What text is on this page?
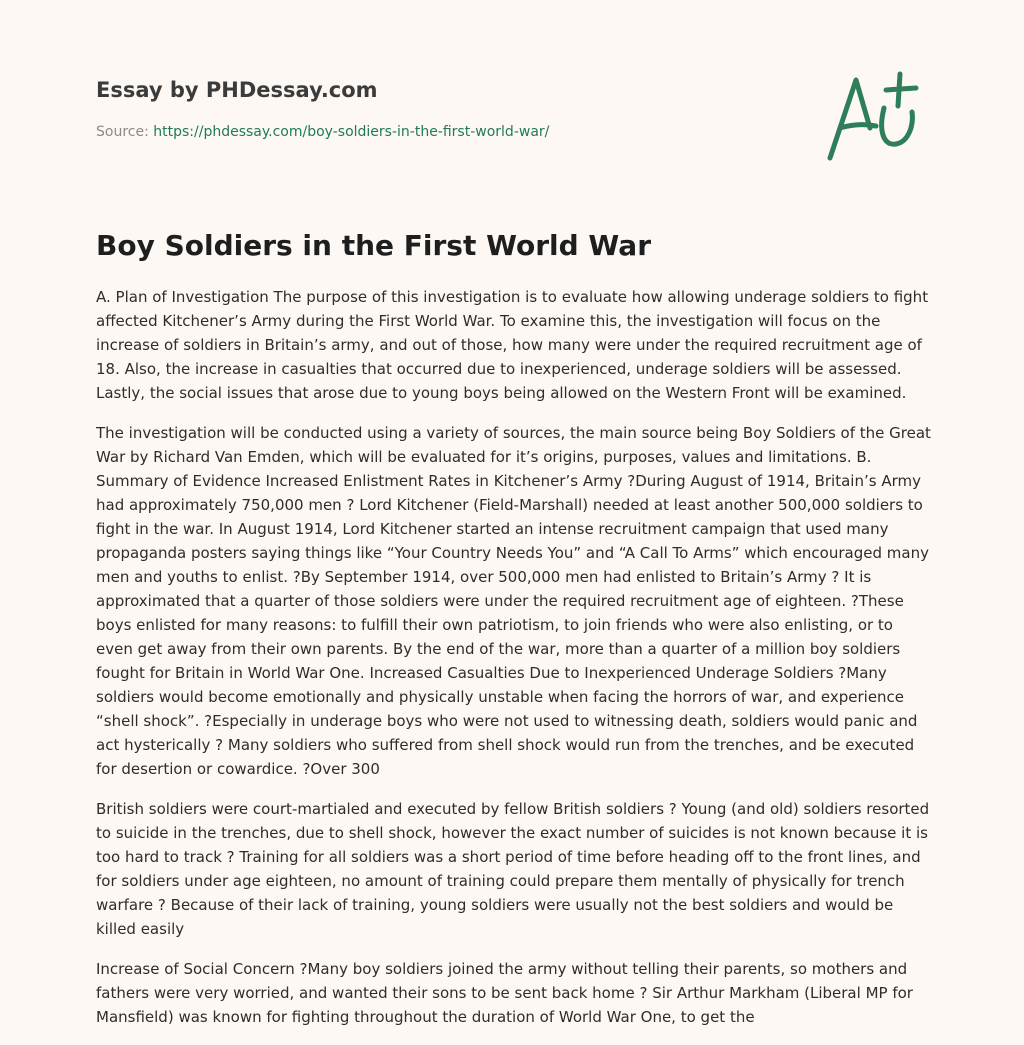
Essay by PHDessay.com
Source: https://phdessay.com/boy-soldiers-in-the-first-world-war/
Boy Soldiers in the First World War

A. Plan of Investigation The purpose of this investigation is to evaluate how allowing underage soldiers to fight affected Kitchener’s Army during the First World War. To examine this, the investigation will focus on the increase of soldiers in Britain’s army, and out of those, how many were under the required recruitment age of 18. Also, the increase in casualties that occurred due to inexperienced, underage soldiers will be assessed. Lastly, the social issues that arose due to young boys being allowed on the Western Front will be examined.

The investigation will be conducted using a variety of sources, the main source being Boy Soldiers of the Great War by Richard Van Emden, which will be evaluated for it’s origins, purposes, values and limitations. B. Summary of Evidence Increased Enlistment Rates in Kitchener’s Army ?During August of 1914, Britain’s Army had approximately 750,000 men ? Lord Kitchener (Field-Marshall) needed at least another 500,000 soldiers to fight in the war. In August 1914, Lord Kitchener started an intense recruitment campaign that used many propaganda posters saying things like “Your Country Needs You” and “A Call To Arms” which encouraged many men and youths to enlist. ?By September 1914, over 500,000 men had enlisted to Britain’s Army ? It is approximated that a quarter of those soldiers were under the required recruitment age of eighteen. ?These boys enlisted for many reasons: to fulfill their own patriotism, to join friends who were also enlisting, or to even get away from their own parents. By the end of the war, more than a quarter of a million boy soldiers fought for Britain in World War One. Increased Casualties Due to Inexperienced Underage Soldiers ?Many soldiers would become emotionally and physically unstable when facing the horrors of war, and experience “shell shock”. ?Especially in underage boys who were not used to witnessing death, soldiers would panic and act hysterically ? Many soldiers who suffered from shell shock would run from the trenches, and be executed for desertion or cowardice. ?Over 300

British soldiers were court-martialed and executed by fellow British soldiers ? Young (and old) soldiers resorted to suicide in the trenches, due to shell shock, however the exact number of suicides is not known because it is too hard to track ? Training for all soldiers was a short period of time before heading off to the front lines, and for soldiers under age eighteen, no amount of training could prepare them mentally of physically for trench warfare ? Because of their lack of training, young soldiers were usually not the best soldiers and would be killed easily

Increase of Social Concern ?Many boy soldiers joined the army without telling their parents, so mothers and fathers were very worried, and wanted their sons to be sent back home ? Sir Arthur Markham (Liberal MP for Mansfield) was known for fighting throughout the duration of World War One, to get the
